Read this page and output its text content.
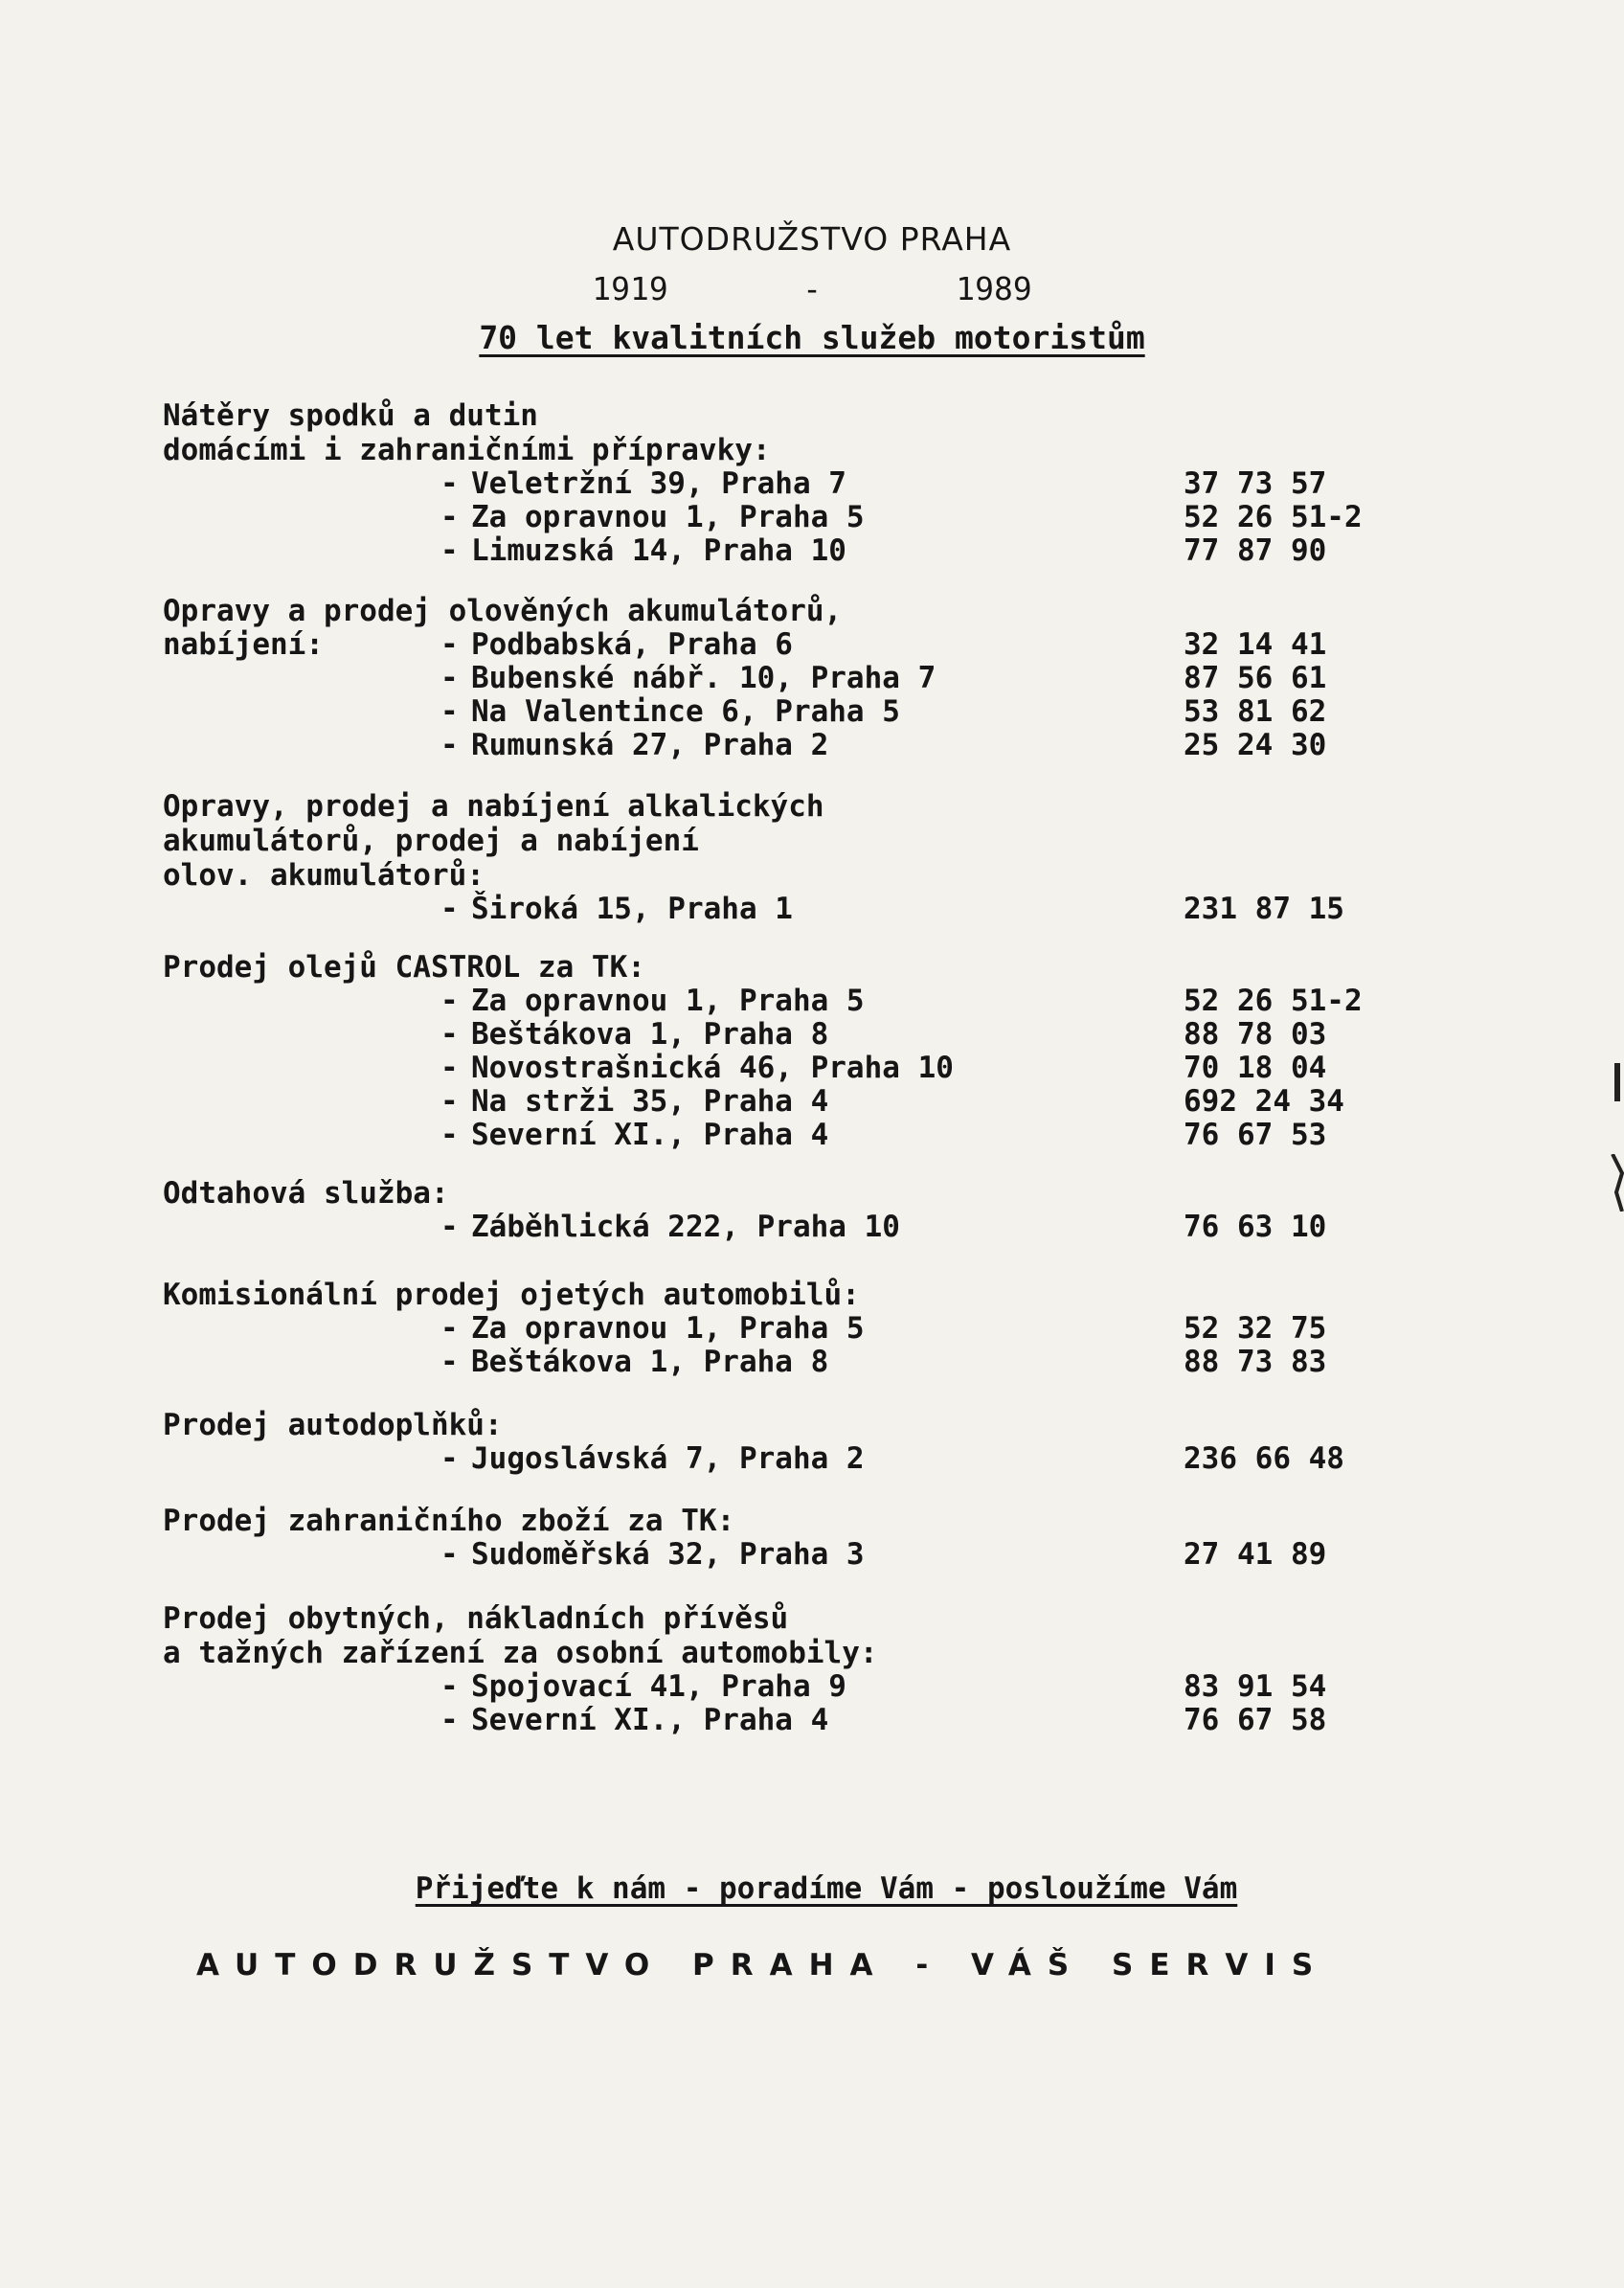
AUTODRUŽSTVO PRAHA
1919	-	1989
70 let kvalitních služeb motoristům
Nátěry spodků a dutin
domácími i zahraničními přípravky:
- Veletržní 39, Praha 7	37 73 57
- Za opravnou 1, Praha 5	52 26 51-2
- Limuzská 14, Praha 10	77 87 90
Opravy a prodej olověných akumulátorů,
nabíjení:	- Podbabská, Praha 6	32 14 41
- Bubenské nábř. 10, Praha 7	87 56 61
- Na Valentince 6, Praha 5	53 81 62
- Rumunská 27, Praha 2	25 24 30
Opravy, prodej a nabíjení alkalických
akumulátorů, prodej a nabíjení
olov. akumulátorů:
- Široká 15, Praha 1	231 87 15
Prodej olejů CASTROL za TK:
- Za opravnou 1, Praha 5	52 26 51-2
- Beštákova 1, Praha 8	88 78 03
- Novostrašnická 46, Praha 10	70 18 04
- Na strži 35, Praha 4	692 24 34
- Severní XI., Praha 4	76 67 53
Odtahová služba:
- Záběhlická 222, Praha 10	76 63 10
Komisionální prodej ojetých automobilů:
- Za opravnou 1, Praha 5	52 32 75
- Beštákova 1, Praha 8	88 73 83
Prodej autodoplňků:
- Jugoslávská 7, Praha 2	236 66 48
Prodej zahraničního zboží za TK:
- Sudoměřská 32, Praha 3	27 41 89
Prodej obytných, nákladních přívěsů
a tažných zařízení za osobní automobily:
- Spojovací 41, Praha 9	83 91 54
- Severní XI., Praha 4	76 67 58
Přijeďte k nám - poradíme Vám - posloužíme Vám
AUTODRUŽSTVO PRAHA - VÁŠ SERVIS
